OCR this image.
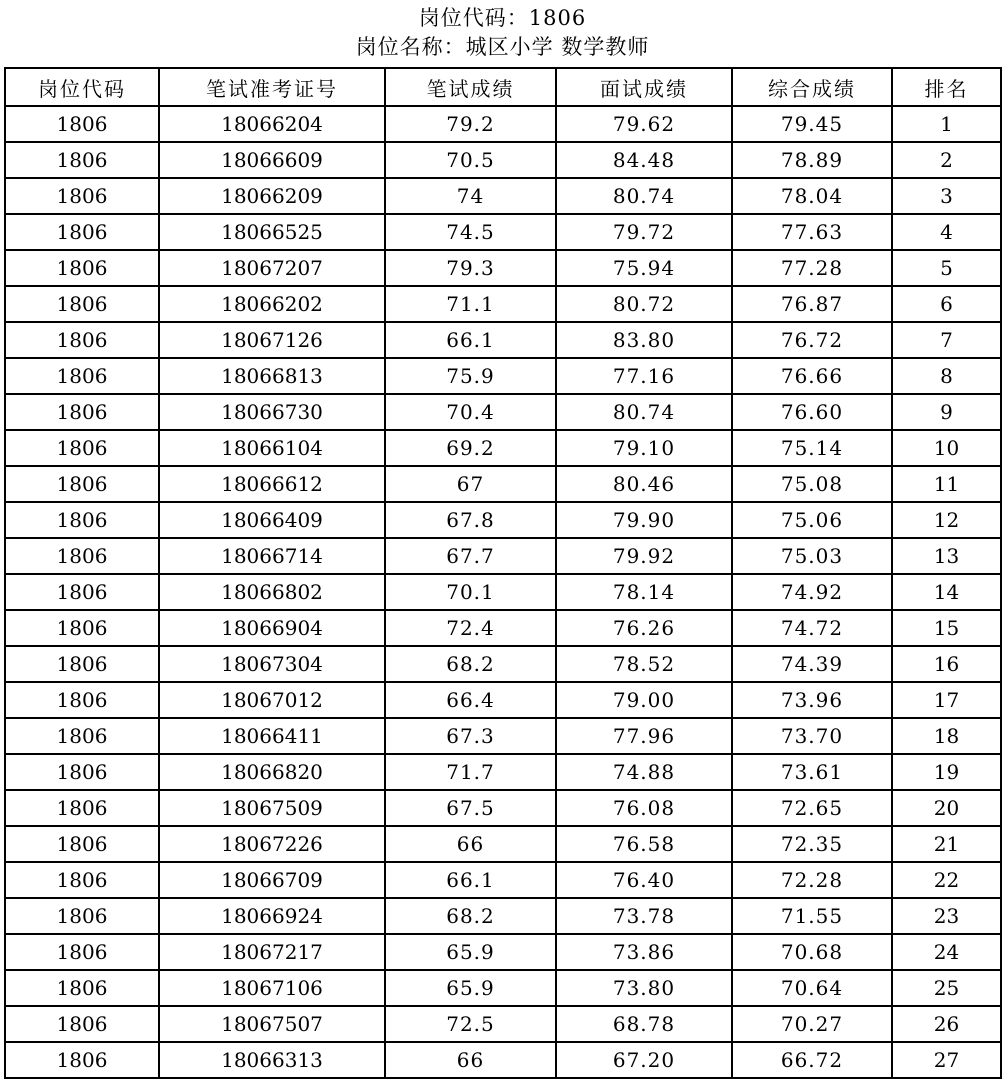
岗位代码：1806
岗位名称：城区小学 数学教师
岗位代码	笔试准考证号	笔试成绩	面试成绩	综合成绩	排名
1806	18066204	79.2	79.62	79.45	1
1806	18066609	70.5	84.48	78.89	2
1806	18066209	74	80.74	78.04	3
1806	18066525	74.5	79.72	77.63	4
1806	18067207	79.3	75.94	77.28	5
1806	18066202	71.1	80.72	76.87	6
1806	18067126	66.1	83.80	76.72	7
1806	18066813	75.9	77.16	76.66	8
1806	18066730	70.4	80.74	76.60	9
1806	18066104	69.2	79.10	75.14	10
1806	18066612	67	80.46	75.08	11
1806	18066409	67.8	79.90	75.06	12
1806	18066714	67.7	79.92	75.03	13
1806	18066802	70.1	78.14	74.92	14
1806	18066904	72.4	76.26	74.72	15
1806	18067304	68.2	78.52	74.39	16
1806	18067012	66.4	79.00	73.96	17
1806	18066411	67.3	77.96	73.70	18
1806	18066820	71.7	74.88	73.61	19
1806	18067509	67.5	76.08	72.65	20
1806	18067226	66	76.58	72.35	21
1806	18066709	66.1	76.40	72.28	22
1806	18066924	68.2	73.78	71.55	23
1806	18067217	65.9	73.86	70.68	24
1806	18067106	65.9	73.80	70.64	25
1806	18067507	72.5	68.78	70.27	26
1806	18066313	66	67.20	66.72	27
